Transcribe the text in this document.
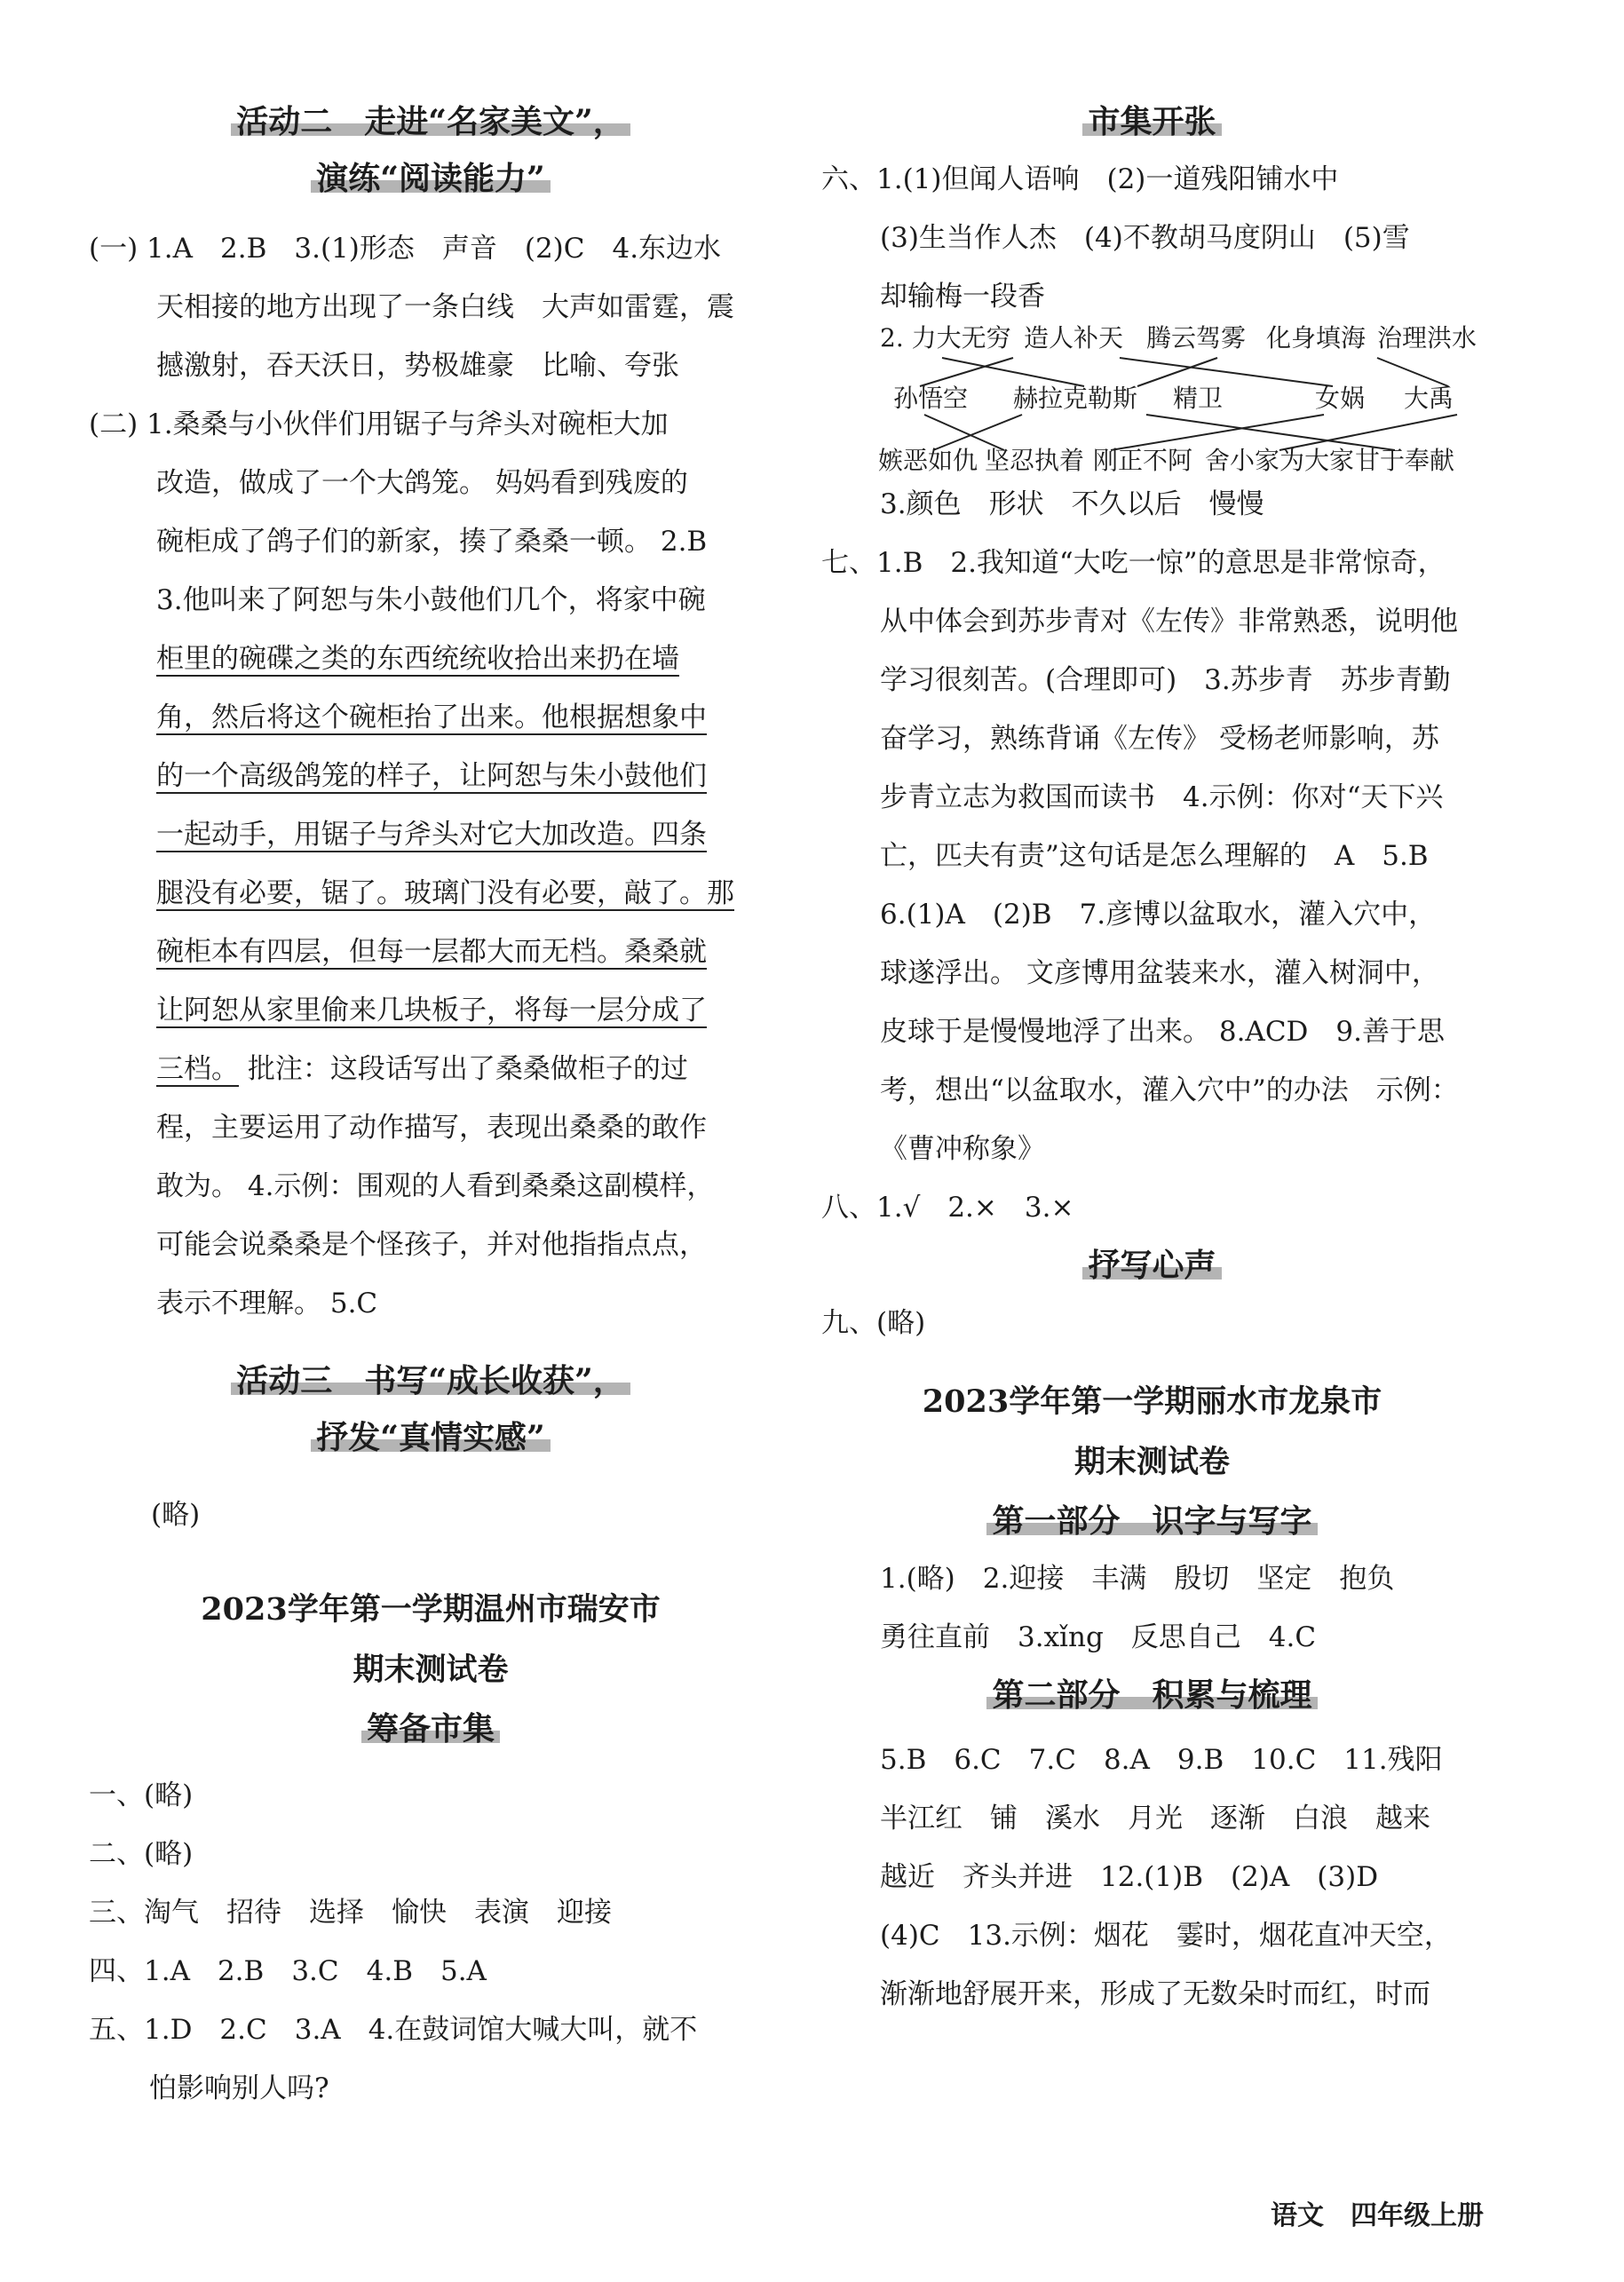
活动二　走进“名家美文”，

演练“阅读能力”

(一) 1.A　2.B　3.(1)形态　声音　(2)C　4.东边水

天相接的地方出现了一条白线　大声如雷霆，震

撼激射，吞天沃日，势极雄豪　比喻、夸张

(二) 1.桑桑与小伙伴们用锯子与斧头对碗柜大加

改造，做成了一个大鸽笼。 妈妈看到残废的

碗柜成了鸽子们的新家，揍了桑桑一顿。 2.B

3.他叫来了阿恕与朱小鼓他们几个，将家中碗

柜里的碗碟之类的东西统统收拾出来扔在墙

角，然后将这个碗柜抬了出来。他根据想象中

的一个高级鸽笼的样子，让阿恕与朱小鼓他们

一起动手，用锯子与斧头对它大加改造。四条

腿没有必要，锯了。玻璃门没有必要，敲了。那

碗柜本有四层，但每一层都大而无档。桑桑就

让阿恕从家里偷来几块板子，将每一层分成了

三档。 批注：这段话写出了桑桑做柜子的过

程，主要运用了动作描写，表现出桑桑的敢作

敢为。 4.示例：围观的人看到桑桑这副模样，

可能会说桑桑是个怪孩子，并对他指指点点，

表示不理解。 5.C

活动三　书写“成长收获”，

抒发“真情实感”

(略)

2023学年第一学期温州市瑞安市

期末测试卷

筹备市集

一、(略)

二、(略)

三、淘气　招待　选择　愉快　表演　迎接

四、1.A　2.B　3.C　4.B　5.A

五、1.D　2.C　3.A　4.在鼓词馆大喊大叫，就不

怕影响别人吗?

市集开张

六、1.(1)但闻人语响　(2)一道残阳铺水中

(3)生当作人杰　(4)不教胡马度阴山　(5)雪

却输梅一段香

2. 力大无穷 造人补天 腾云驾雾 化身填海 治理洪水
孙悟空 赫拉克勒斯 精卫	女娲 大禹
嫉恶如仇 坚忍执着 刚正不阿 舍小家为大家 甘于奉献

3.颜色　形状　不久以后　慢慢

七、1.B　2.我知道“大吃一惊”的意思是非常惊奇，

从中体会到苏步青对《左传》非常熟悉，说明他

学习很刻苦。(合理即可)　3.苏步青　苏步青勤

奋学习，熟练背诵《左传》 受杨老师影响，苏

步青立志为救国而读书　4.示例：你对“天下兴

亡，匹夫有责”这句话是怎么理解的　A　5.B

6.(1)A　(2)B　7.彦博以盆取水，灌入穴中，

球遂浮出。 文彦博用盆装来水，灌入树洞中，

皮球于是慢慢地浮了出来。 8.ACD　9.善于思

考，想出“以盆取水，灌入穴中”的办法　示例：

《曹冲称象》

八、1.√　2.×　3.×

抒写心声

九、(略)

2023学年第一学期丽水市龙泉市

期末测试卷

第一部分　识字与写字

1.(略)　2.迎接　丰满　殷切　坚定　抱负

勇往直前　3.xǐng　反思自己　4.C

第二部分　积累与梳理

5.B　6.C　7.C　8.A　9.B　10.C　11.残阳

半江红　铺　溪水　月光　逐渐　白浪　越来

越近　齐头并进　12.(1)B　(2)A　(3)D

(4)C　13.示例：烟花　霎时，烟花直冲天空，

渐渐地舒展开来，形成了无数朵时而红，时而

语文　四年级上册
